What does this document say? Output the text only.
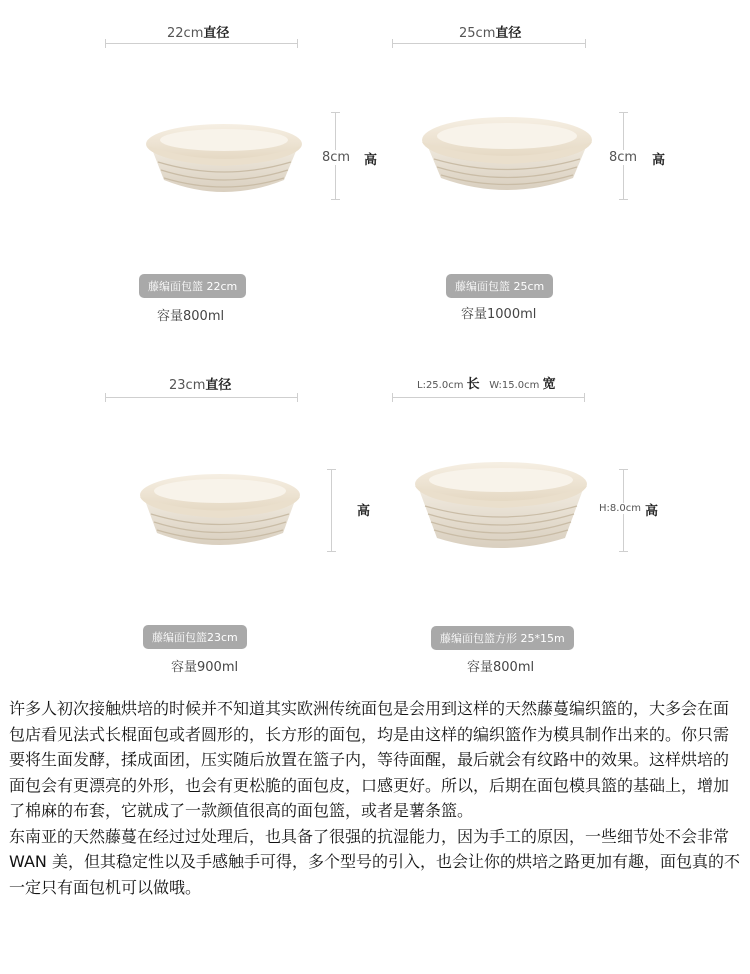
22cm直径
8cm 高
藤编面包篮 22cm
容量800ml
25cm直径
8cm 高
藤编面包篮 25cm
容量1000ml
23cm直径
高
藤编面包篮23cm
容量900ml
L:25.0cm 长 W:15.0cm 宽
H:8.0cm 高
藤编面包篮方形 25*15m
容量800ml

许多人初次接触烘培的时候并不知道其实欧洲传统面包是会用到这样的天然藤蔓编织篮的，大多会在面包店看见法式长棍面包或者圆形的，长方形的面包，均是由这样的编织篮作为模具制作出来的。你只需要将生面发酵，揉成面团，压实随后放置在篮子内，等待面醒，最后就会有纹路中的效果。这样烘培的面包会有更漂亮的外形，也会有更松脆的面包皮，口感更好。所以，后期在面包模具篮的基础上，增加了棉麻的布套，它就成了一款颜值很高的面包篮，或者是薯条篮。

东南亚的天然藤蔓在经过过处理后，也具备了很强的抗湿能力，因为手工的原因，一些细节处不会非常WAN 美，但其稳定性以及手感触手可得，多个型号的引入，也会让你的烘培之路更加有趣，面包真的不一定只有面包机可以做哦。
